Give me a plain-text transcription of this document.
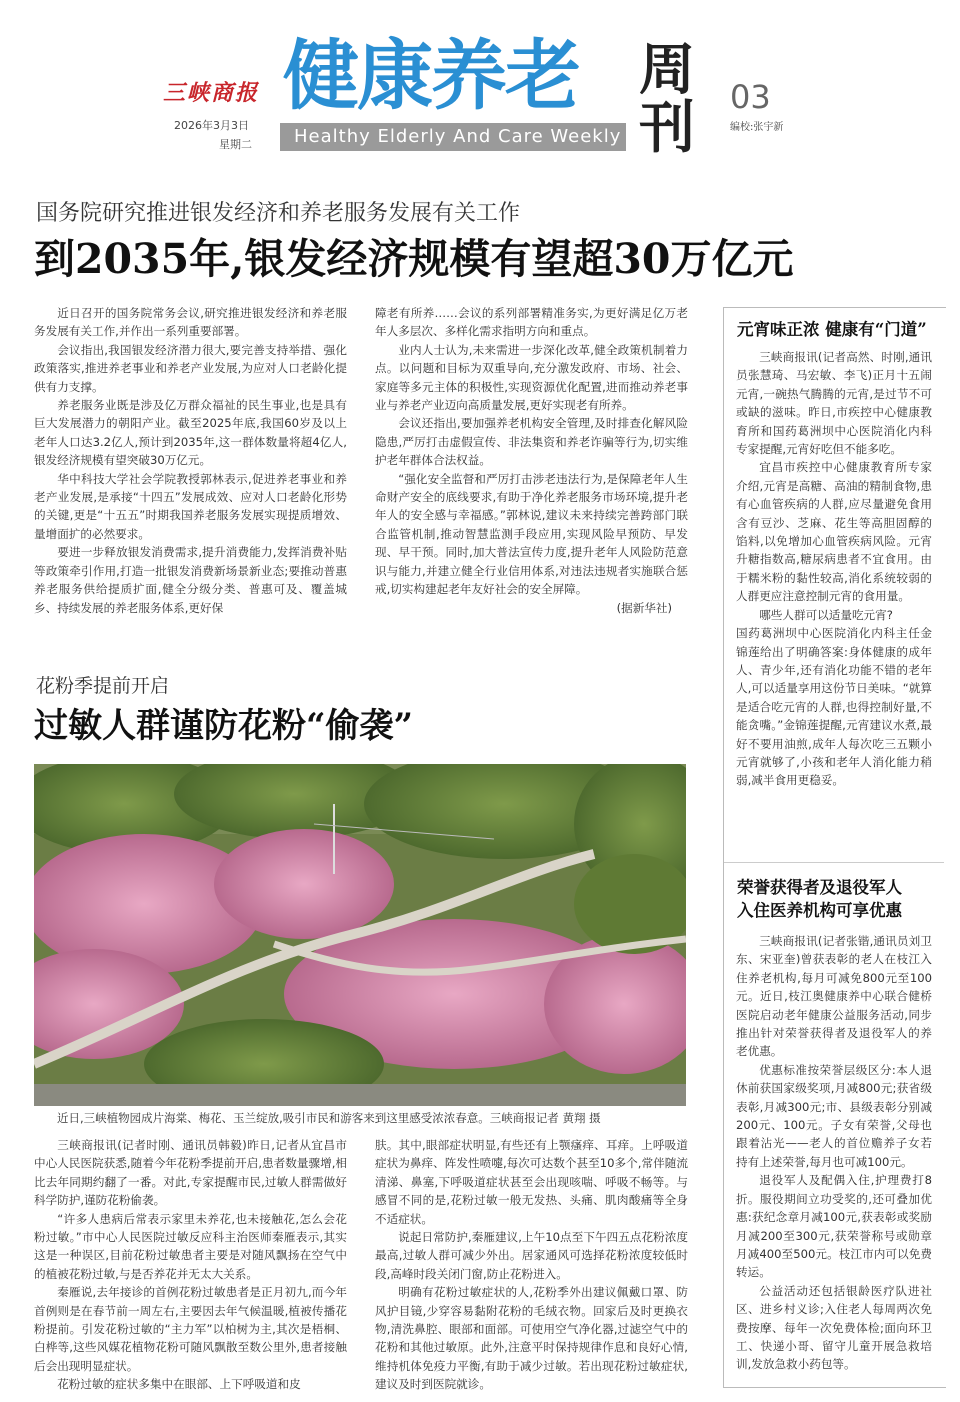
三峡商报
2026年3月3日
星期二
健康养老
Healthy Elderly And Care Weekly
周刊 03
编校:张宇新
国务院研究推进银发经济和养老服务发展有关工作
到2035年,银发经济规模有望超30万亿元

近日召开的国务院常务会议,研究推进银发经济和养老服务发展有关工作,并作出一系列重要部署。

会议指出,我国银发经济潜力很大,要完善支持举措、强化政策落实,推进养老事业和养老产业发展,为应对人口老龄化提供有力支撑。

养老服务业既是涉及亿万群众福祉的民生事业,也是具有巨大发展潜力的朝阳产业。截至2025年底,我国60岁及以上老年人口达3.2亿人,预计到2035年,这一群体数量将超4亿人,银发经济规模有望突破30万亿元。

华中科技大学社会学院教授郭林表示,促进养老事业和养老产业发展,是承接“十四五”发展成效、应对人口老龄化形势的关键,更是“十五五”时期我国养老服务发展实现提质增效、量增面扩的必然要求。

要进一步释放银发消费需求,提升消费能力,发挥消费补贴等政策牵引作用,打造一批银发消费新场景新业态;要推动普惠养老服务供给提质扩面,健全分级分类、普惠可及、覆盖城乡、持续发展的养老服务体系,更好保

障老有所养……会议的系列部署精准务实,为更好满足亿万老年人多层次、多样化需求指明方向和重点。

业内人士认为,未来需进一步深化改革,健全政策机制着力点。以问题和目标为双重导向,充分激发政府、市场、社会、家庭等多元主体的积极性,实现资源优化配置,进而推动养老事业与养老产业迈向高质量发展,更好实现老有所养。

会议还指出,要加强养老机构安全管理,及时排查化解风险隐患,严厉打击虚假宣传、非法集资和养老诈骗等行为,切实维护老年群体合法权益。

“强化安全监督和严厉打击涉老违法行为,是保障老年人生命财产安全的底线要求,有助于净化养老服务市场环境,提升老年人的安全感与幸福感。”郭林说,建议未来持续完善跨部门联合监管机制,推动智慧监测手段应用,实现风险早预防、早发现、早干预。同时,加大普法宣传力度,提升老年人风险防范意识与能力,并建立健全行业信用体系,对违法违规者实施联合惩戒,切实构建起老年友好社会的安全屏障。

(据新华社)
花粉季提前开启
过敏人群谨防花粉“偷袭”
近日,三峡植物园成片海棠、梅花、玉兰绽放,吸引市民和游客来到这里感受浓浓春意。三峡商报记者 黄翔 摄

三峡商报讯(记者时刚、通讯员韩毅)昨日,记者从宜昌市中心人民医院获悉,随着今年花粉季提前开启,患者数量骤增,相比去年同期约翻了一番。对此,专家提醒市民,过敏人群需做好科学防护,谨防花粉偷袭。

“许多人患病后常表示家里未养花,也未接触花,怎么会花粉过敏。”市中心人民医院过敏反应科主治医师秦雁表示,其实这是一种误区,目前花粉过敏患者主要是对随风飘扬在空气中的植被花粉过敏,与是否养花并无太大关系。

秦雁说,去年接诊的首例花粉过敏患者是正月初九,而今年首例则是在春节前一周左右,主要因去年气候温暖,植被传播花粉提前。引发花粉过敏的“主力军”以柏树为主,其次是梧桐、白桦等,这些风媒花植物花粉可随风飘散至数公里外,患者接触后会出现明显症状。

花粉过敏的症状多集中在眼部、上下呼吸道和皮

肤。其中,眼部症状明显,有些还有上颚瘙痒、耳痒。上呼吸道症状为鼻痒、阵发性喷嚏,每次可达数个甚至10多个,常伴随流清涕、鼻塞,下呼吸道症状甚至会出现咳喘、呼吸不畅等。与感冒不同的是,花粉过敏一般无发热、头痛、肌肉酸痛等全身不适症状。

说起日常防护,秦雁建议,上午10点至下午四五点花粉浓度最高,过敏人群可减少外出。居家通风可选择花粉浓度较低时段,高峰时段关闭门窗,防止花粉进入。

明确有花粉过敏症状的人,花粉季外出建议佩戴口罩、防风护目镜,少穿容易黏附花粉的毛绒衣物。回家后及时更换衣物,清洗鼻腔、眼部和面部。可使用空气净化器,过滤空气中的花粉和其他过敏原。此外,注意平时保持规律作息和良好心情,维持机体免疫力平衡,有助于减少过敏。若出现花粉过敏症状,建议及时到医院就诊。

元宵味正浓 健康有“门道”

三峡商报讯(记者高然、时刚,通讯员张慧琦、马宏敏、李飞)正月十五闹元宵,一碗热气腾腾的元宵,是过节不可或缺的滋味。昨日,市疾控中心健康教育所和国药葛洲坝中心医院消化内科专家提醒,元宵好吃但不能多吃。

宜昌市疾控中心健康教育所专家介绍,元宵是高糖、高油的精制食物,患有心血管疾病的人群,应尽量避免食用含有豆沙、芝麻、花生等高胆固醇的馅料,以免增加心血管疾病风险。元宵升糖指数高,糖尿病患者不宜食用。由于糯米粉的黏性较高,消化系统较弱的人群更应注意控制元宵的食用量。

哪些人群可以适量吃元宵?

国药葛洲坝中心医院消化内科主任金锦莲给出了明确答案:身体健康的成年人、青少年,还有消化功能不错的老年人,可以适量享用这份节日美味。“就算是适合吃元宵的人群,也得控制好量,不能贪嘴。”金锦莲提醒,元宵建议水煮,最好不要用油煎,成年人每次吃三五颗小元宵就够了,小孩和老年人消化能力稍弱,减半食用更稳妥。

荣誉获得者及退役军人
入住医养机构可享优惠

三峡商报讯(记者张锴,通讯员刘卫东、宋亚奎)曾获表彰的老人在枝江入住养老机构,每月可减免800元至100元。近日,枝江奥健康养中心联合健桥医院启动老年健康公益服务活动,同步推出针对荣誉获得者及退役军人的养老优惠。

优惠标准按荣誉层级区分:本人退休前获国家级奖项,月减800元;获省级表彰,月减300元;市、县级表彰分别减200元、100元。子女有荣誉,父母也跟着沾光——老人的首位赡养子女若持有上述荣誉,每月也可减100元。

退役军人及配偶入住,护理费打8折。服役期间立功受奖的,还可叠加优惠:获纪念章月减100元,获表彰或奖励月减200至300元,获荣誉称号或勋章月减400至500元。枝江市内可以免费转运。

公益活动还包括银龄医疗队进社区、进乡村义诊;入住老人每周两次免费按摩、每年一次免费体检;面向环卫工、快递小哥、留守儿童开展急救培训,发放急救小药包等。
